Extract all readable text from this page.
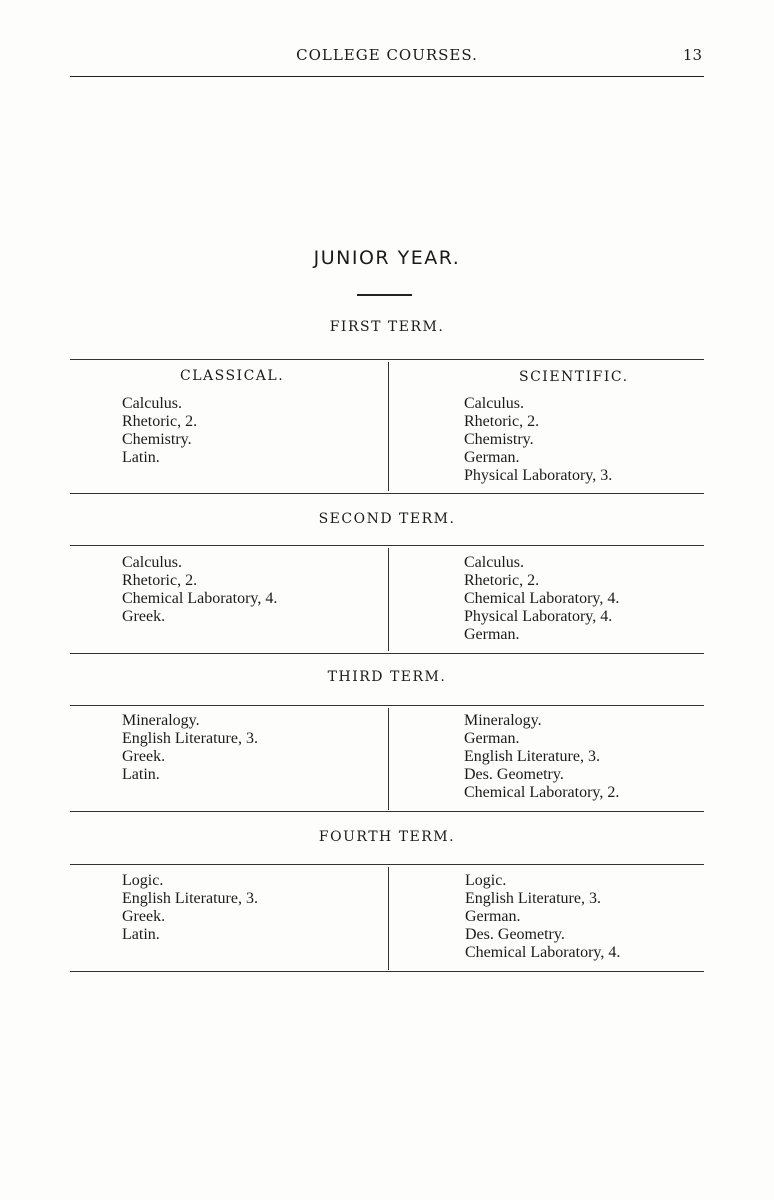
COLLEGE COURSES.	13
JUNIOR YEAR.
FIRST TERM.
CLASSICAL.	SCIENTIFIC.
Calculus.
Rhetoric, 2.
Chemistry.
Latin.
Calculus.
Rhetoric, 2.
Chemistry.
German.
Physical Laboratory, 3.
SECOND TERM.
Calculus.
Rhetoric, 2.
Chemical Laboratory, 4.
Greek.
Calculus.
Rhetoric, 2.
Chemical Laboratory, 4.
Physical Laboratory, 4.
German.
THIRD TERM.
Mineralogy.
English Literature, 3.
Greek.
Latin.
Mineralogy.
German.
English Literature, 3.
Des. Geometry.
Chemical Laboratory, 2.
FOURTH TERM.
Logic.
English Literature, 3.
Greek.
Latin.
Logic.
English Literature, 3.
German.
Des. Geometry.
Chemical Laboratory, 4.
